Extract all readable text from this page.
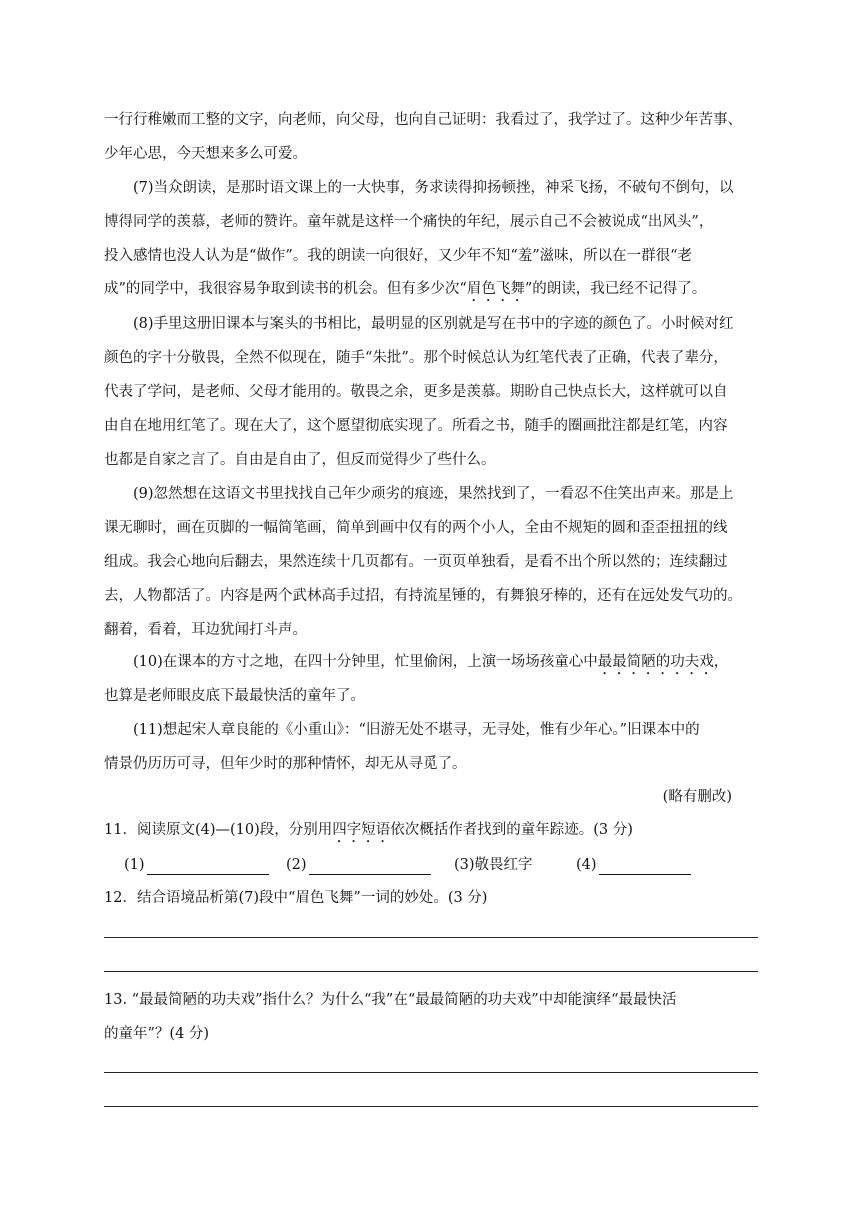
一行行稚嫩而工整的文字，向老师，向父母，也向自己证明：我看过了，我学过了。这种少年苦事、
少年心思，今天想来多么可爱。
(7)当众朗读，是那时语文课上的一大快事，务求读得抑扬顿挫，神采飞扬，不破句不倒句，以
博得同学的羡慕，老师的赞许。童年就是这样一个痛快的年纪，展示自己不会被说成“出风头”，
投入感情也没人认为是“做作”。我的朗读一向很好，又少年不知“羞”滋味，所以在一群很“老
成”的同学中，我很容易争取到读书的机会。但有多少次“眉色飞舞”的朗读，我已经不记得了。
(8)手里这册旧课本与案头的书相比，最明显的区别就是写在书中的字迹的颜色了。小时候对红
颜色的字十分敬畏，全然不似现在，随手“朱批”。那个时候总认为红笔代表了正确，代表了辈分，
代表了学问，是老师、父母才能用的。敬畏之余，更多是羡慕。期盼自己快点长大，这样就可以自
由自在地用红笔了。现在大了，这个愿望彻底实现了。所看之书，随手的圈画批注都是红笔，内容
也都是自家之言了。自由是自由了，但反而觉得少了些什么。
(9)忽然想在这语文书里找找自己年少顽劣的痕迹，果然找到了，一看忍不住笑出声来。那是上
课无聊时，画在页脚的一幅简笔画，简单到画中仅有的两个小人，全由不规矩的圆和歪歪扭扭的线
组成。我会心地向后翻去，果然连续十几页都有。一页页单独看，是看不出个所以然的；连续翻过
去，人物都活了。内容是两个武林高手过招，有持流星锤的，有舞狼牙棒的，还有在远处发气功的。
翻着，看着，耳边犹闻打斗声。
(10)在课本的方寸之地，在四十分钟里，忙里偷闲，上演一场场孩童心中最最简陋的功夫戏，
也算是老师眼皮底下最最快活的童年了。
(11)想起宋人章良能的《小重山》：“旧游无处不堪寻，无寻处，惟有少年心。”旧课本中的
情景仍历历可寻，但年少时的那种情怀，却无从寻觅了。
(略有删改)
11．阅读原文(4)—(10)段，分别用四字短语依次概括作者找到的童年踪迹。(3 分)
(1)	(2)	(3)敬畏红字	(4)
12．结合语境品析第(7)段中“眉色飞舞”一词的妙处。(3 分)
13. “最最简陋的功夫戏”指什么？为什么“我”在“最最简陋的功夫戏”中却能演绎“最最快活
的童年”？(4 分)
